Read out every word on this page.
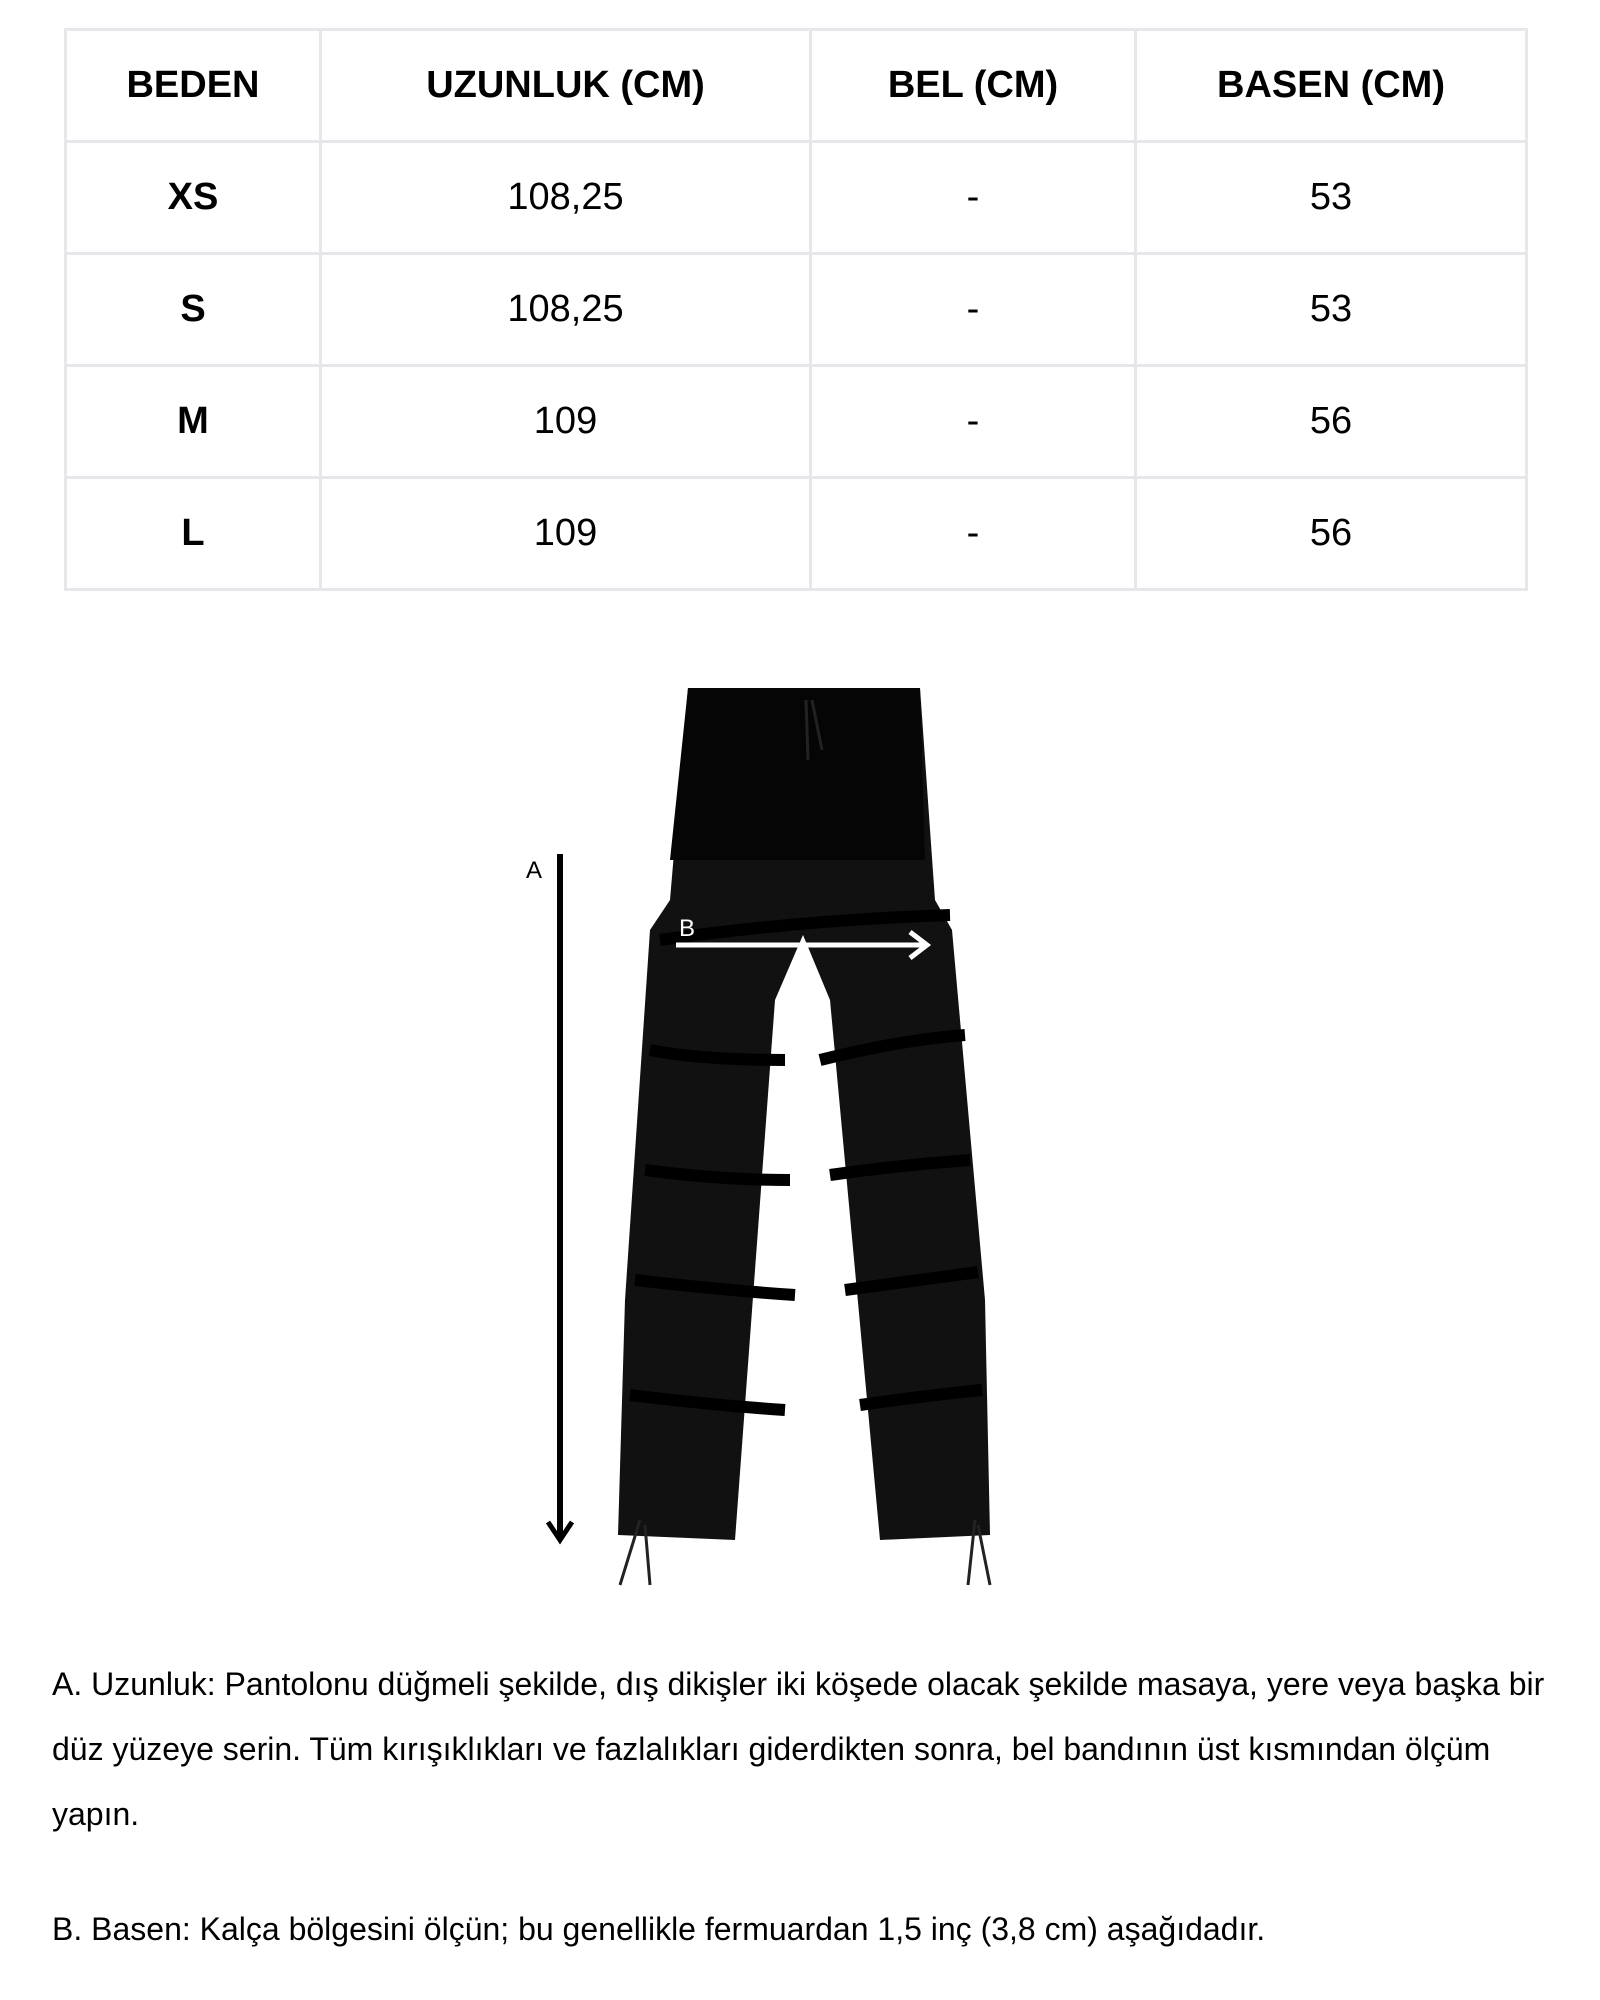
BEDEN	UZUNLUK (CM)	BEL (CM)	BASEN (CM)
XS	108,25	-	53
S	108,25	-	53
M	109	-	56
L	109	-	56
A
B
A. Uzunluk: Pantolonu düğmeli şekilde, dış dikişler iki köşede olacak şekilde masaya, yere veya başka bir düz yüzeye serin. Tüm kırışıklıkları ve fazlalıkları giderdikten sonra, bel bandının üst kısmından ölçüm yapın.
B. Basen: Kalça bölgesini ölçün; bu genellikle fermuardan 1,5 inç (3,8 cm) aşağıdadır.
